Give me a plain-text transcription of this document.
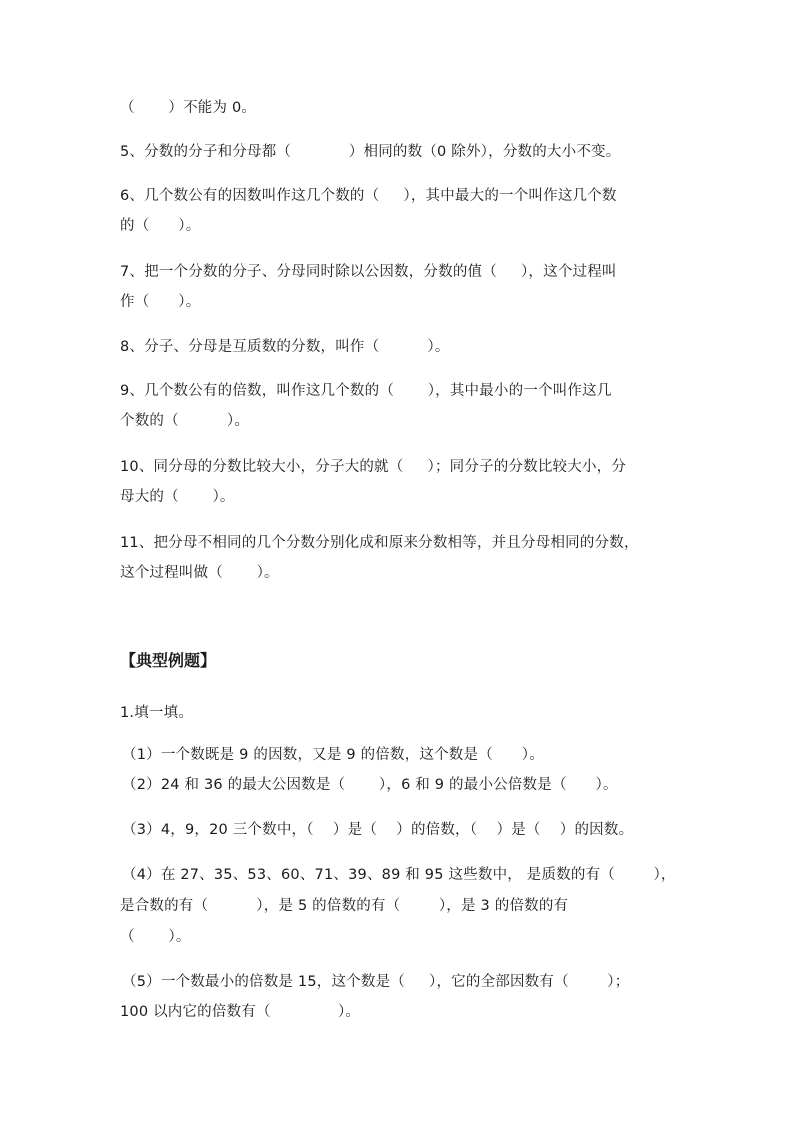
（       ）不能为 0。
5、分数的分子和分母都（            ）相同的数（0 除外），分数的大小不变。
6、几个数公有的因数叫作这几个数的（     ），其中最大的一个叫作这几个数
的（      ）。
7、把一个分数的分子、分母同时除以公因数，分数的值（     ），这个过程叫
作（      ）。
8、分子、分母是互质数的分数，叫作（          ）。
9、几个数公有的倍数，叫作这几个数的（       ），其中最小的一个叫作这几
个数的（          ）。
10、同分母的分数比较大小，分子大的就（     ）；同分子的分数比较大小，分
母大的（       ）。
11、把分母不相同的几个分数分别化成和原来分数相等，并且分母相同的分数，
这个过程叫做（       ）。
【典型例题】
1.填一填。
（1）一个数既是 9 的因数，又是 9 的倍数，这个数是（      ）。
（2）24 和 36 的最大公因数是（       ），6 和 9 的最小公倍数是（      ）。
（3）4，9，20 三个数中，（    ）是（    ）的倍数，（    ）是（    ）的因数。
（4）在 27、35、53、60、71、39、89 和 95 这些数中， 是质数的有（        ），
是合数的有（          ），是 5 的倍数的有（        ），是 3 的倍数的有
（       ）。
（5）一个数最小的倍数是 15，这个数是（     ），它的全部因数有（        ）；
100 以内它的倍数有（              ）。
